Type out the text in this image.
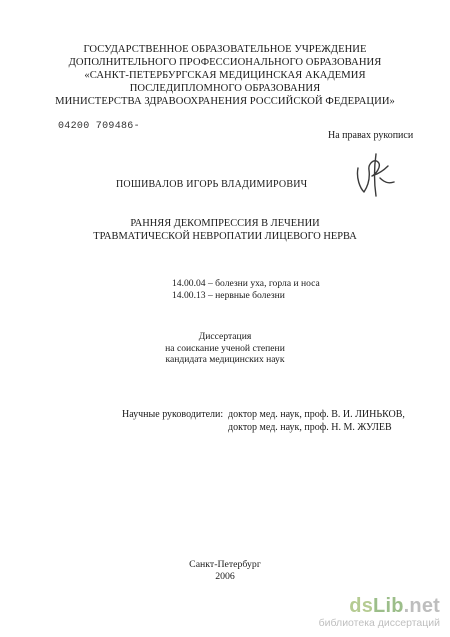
ГОСУДАРСТВЕННОЕ ОБРАЗОВАТЕЛЬНОЕ УЧРЕЖДЕНИЕ
ДОПОЛНИТЕЛЬНОГО ПРОФЕССИОНАЛЬНОГО ОБРАЗОВАНИЯ
«САНКТ-ПЕТЕРБУРГСКАЯ МЕДИЦИНСКАЯ АКАДЕМИЯ
ПОСЛЕДИПЛОМНОГО ОБРАЗОВАНИЯ
МИНИСТЕРСТВА ЗДРАВООХРАНЕНИЯ РОССИЙСКОЙ ФЕДЕРАЦИИ»
04200 709486-
На правах рукописи
ПОШИВАЛОВ ИГОРЬ ВЛАДИМИРОВИЧ
РАННЯЯ ДЕКОМПРЕССИЯ В ЛЕЧЕНИИ
ТРАВМАТИЧЕСКОЙ НЕВРОПАТИИ ЛИЦЕВОГО НЕРВА
14.00.04 – болезни уха, горла и носа
14.00.13 – нервные болезни
Диссертация
на соискание ученой степени
кандидата медицинских наук
Научные руководители: доктор мед. наук, проф. В. И. ЛИНЬКОВ,
доктор мед. наук, проф. Н. М. ЖУЛЕВ
Санкт-Петербург
2006
dsLib.net
библиотека диссертаций
